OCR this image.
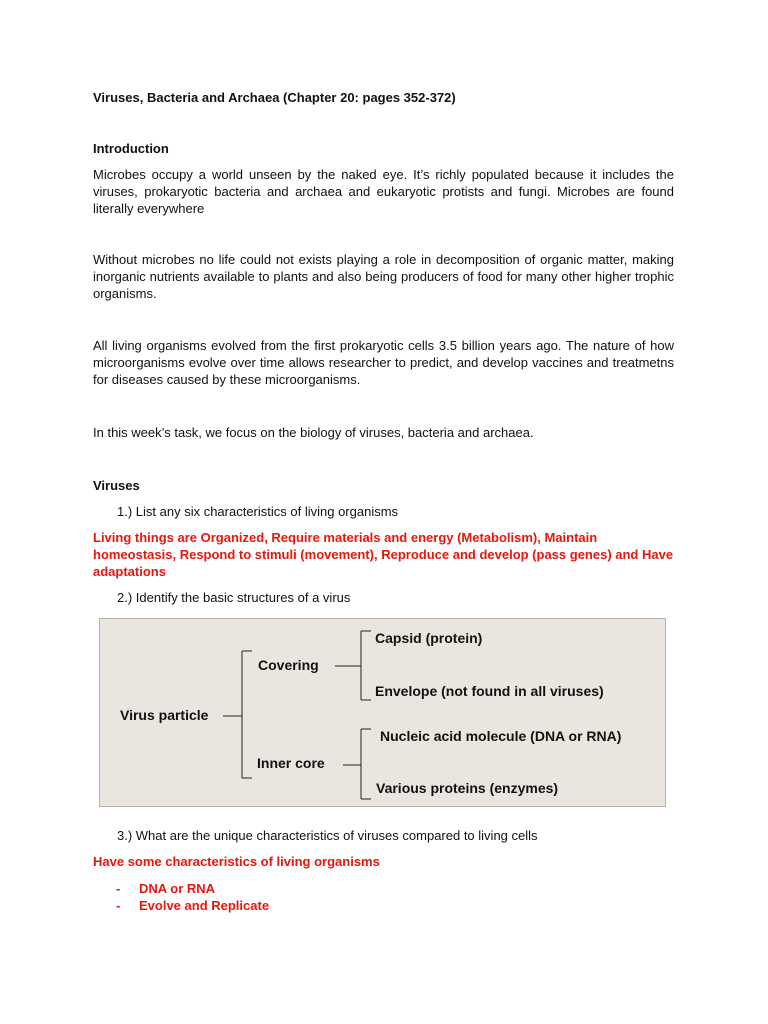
Viruses, Bacteria and Archaea (Chapter 20: pages 352-372)

Introduction

Microbes occupy a world unseen by the naked eye. It’s richly populated because it includes the viruses, prokaryotic bacteria and archaea and eukaryotic protists and fungi. Microbes are found literally everywhere

Without microbes no life could not exists playing a role in decomposition of organic matter, making inorganic nutrients available to plants and also being producers of food for many other higher trophic organisms.

All living organisms evolved from the first prokaryotic cells 3.5 billion years ago. The nature of how microorganisms evolve over time allows researcher to predict, and develop vaccines and treatmetns for diseases caused by these microorganisms.

In this week’s task, we focus on the biology of viruses, bacteria and archaea.

Viruses

1.) List any six characteristics of living organisms

Living things are Organized, Require materials and energy (Metabolism), Maintain homeostasis, Respond to stimuli (movement), Reproduce and develop (pass genes) and Have adaptations

2.) Identify the basic structures of a virus

Virus particle
Covering
Inner core
Capsid (protein)
Envelope (not found in all viruses)
Nucleic acid molecule (DNA or RNA)
Various proteins (enzymes)

3.) What are the unique characteristics of viruses compared to living cells

Have some characteristics of living organisms

- DNA or RNA
- Evolve and Replicate
